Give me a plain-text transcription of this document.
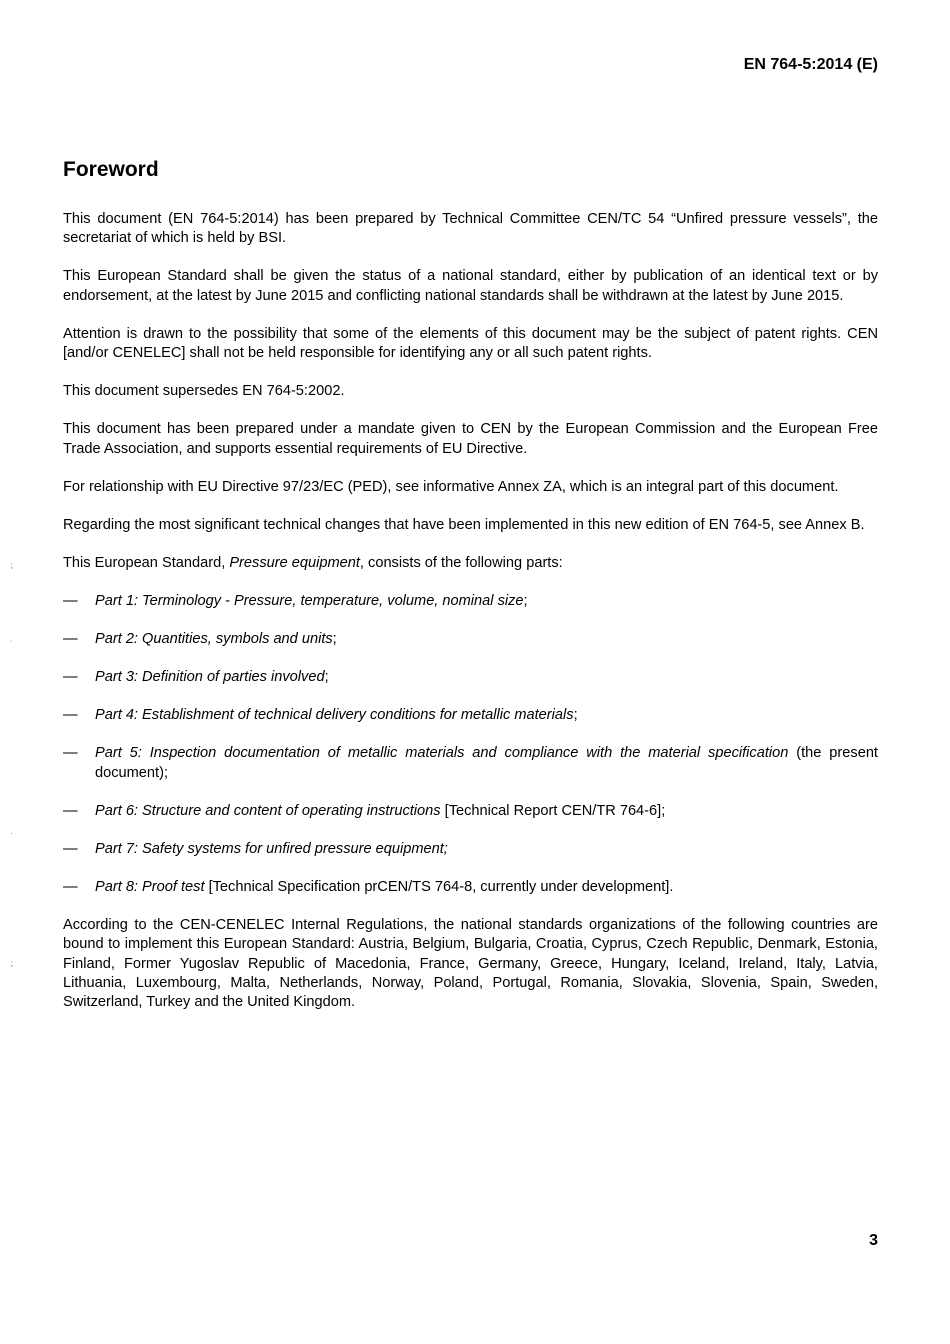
EN 764-5:2014 (E)

Foreword

This document (EN 764-5:2014) has been prepared by Technical Committee CEN/TC 54 “Unfired pressure vessels”, the secretariat of which is held by BSI.

This European Standard shall be given the status of a national standard, either by publication of an identical text or by endorsement, at the latest by June 2015 and conflicting national standards shall be withdrawn at the latest by June 2015.

Attention is drawn to the possibility that some of the elements of this document may be the subject of patent rights. CEN [and/or CENELEC] shall not be held responsible for identifying any or all such patent rights.

This document supersedes EN 764-5:2002.

This document has been prepared under a mandate given to CEN by the European Commission and the European Free Trade Association, and supports essential requirements of EU Directive.

For relationship with EU Directive 97/23/EC (PED), see informative Annex ZA, which is an integral part of this document.

Regarding the most significant technical changes that have been implemented in this new edition of EN 764-5, see Annex B.

This European Standard, Pressure equipment, consists of the following parts:

— Part 1: Terminology - Pressure, temperature, volume, nominal size;
— Part 2: Quantities, symbols and units;
— Part 3: Definition of parties involved;
— Part 4: Establishment of technical delivery conditions for metallic materials;
— Part 5: Inspection documentation of metallic materials and compliance with the material specification (the present document);
— Part 6: Structure and content of operating instructions [Technical Report CEN/TR 764-6];
— Part 7: Safety systems for unfired pressure equipment;
— Part 8: Proof test [Technical Specification prCEN/TS 764-8, currently under development].

According to the CEN-CENELEC Internal Regulations, the national standards organizations of the following countries are bound to implement this European Standard: Austria, Belgium, Bulgaria, Croatia, Cyprus, Czech Republic, Denmark, Estonia, Finland, Former Yugoslav Republic of Macedonia, France, Germany, Greece, Hungary, Iceland, Ireland, Italy, Latvia, Lithuania, Luxembourg, Malta, Netherlands, Norway, Poland, Portugal, Romania, Slovakia, Slovenia, Spain, Sweden, Switzerland, Turkey and the United Kingdom.

⁏
ˎ
·
⁏

3
